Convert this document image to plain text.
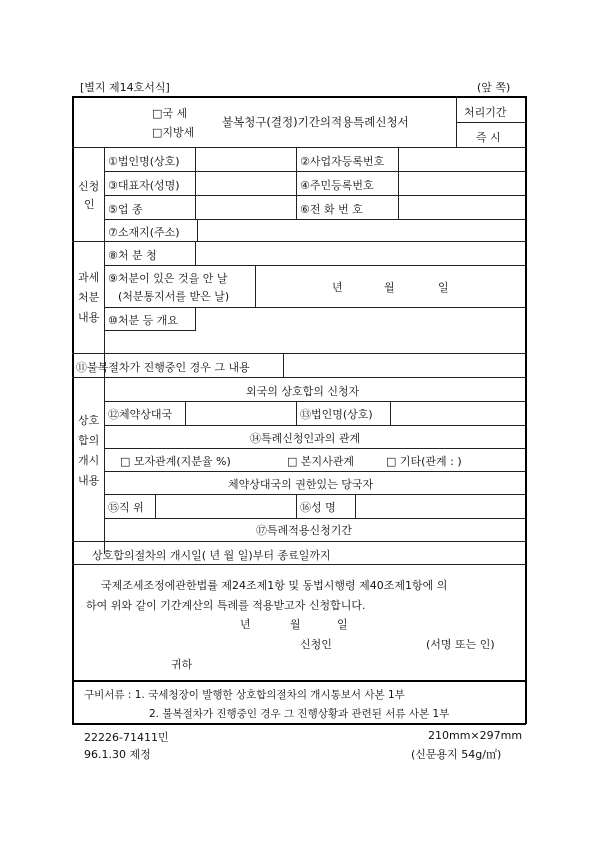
[별지 제14호서식]	(앞 쪽)
□국 세
□지방세
불복청구(결정)기간의적용특례신청서
처리기간
즉 시
신청
인
①법인명(상호)	②사업자등록번호
③대표자(성명)	④주민등록번호
⑤업 종	⑥전 화 번 호
⑦소재지(주소)
과세
처분
내용
⑧처 분 청
⑨처분이 있은 것을 안 날
(처분통지서를 받은 날)
년	월	일
⑩처분 등 개요
⑪불복절차가 진행중인 경우 그 내용
상호
합의
개시
내용
외국의 상호합의 신청자
⑫체약상대국	⑬법인명(상호)
⑭특례신청인과의 관계
□ 모자관계(지분율 %)	□ 본지사관계	□ 기타(관계 : )
체약상대국의 권한있는 당국자
⑮직 위	⑯성 명
⑰특례적용신청기간
상호합의절차의 개시일( 년 월 일)부터 종료일까지
국제조세조정에관한법률 제24조제1항 및 동법시행령 제40조제1항에 의
하여 위와 같이 기간계산의 특례를 적용받고자 신청합니다.
년	월	일
신청인	(서명 또는 인)
귀하
구비서류 : 1. 국세청장이 발행한 상호합의절차의 개시통보서 사본 1부
2. 불복절차가 진행중인 경우 그 진행상황과 관련된 서류 사본 1부
22226-71411민	210mm×297mm
96.1.30 제정	(신문용지 54g/㎡)
